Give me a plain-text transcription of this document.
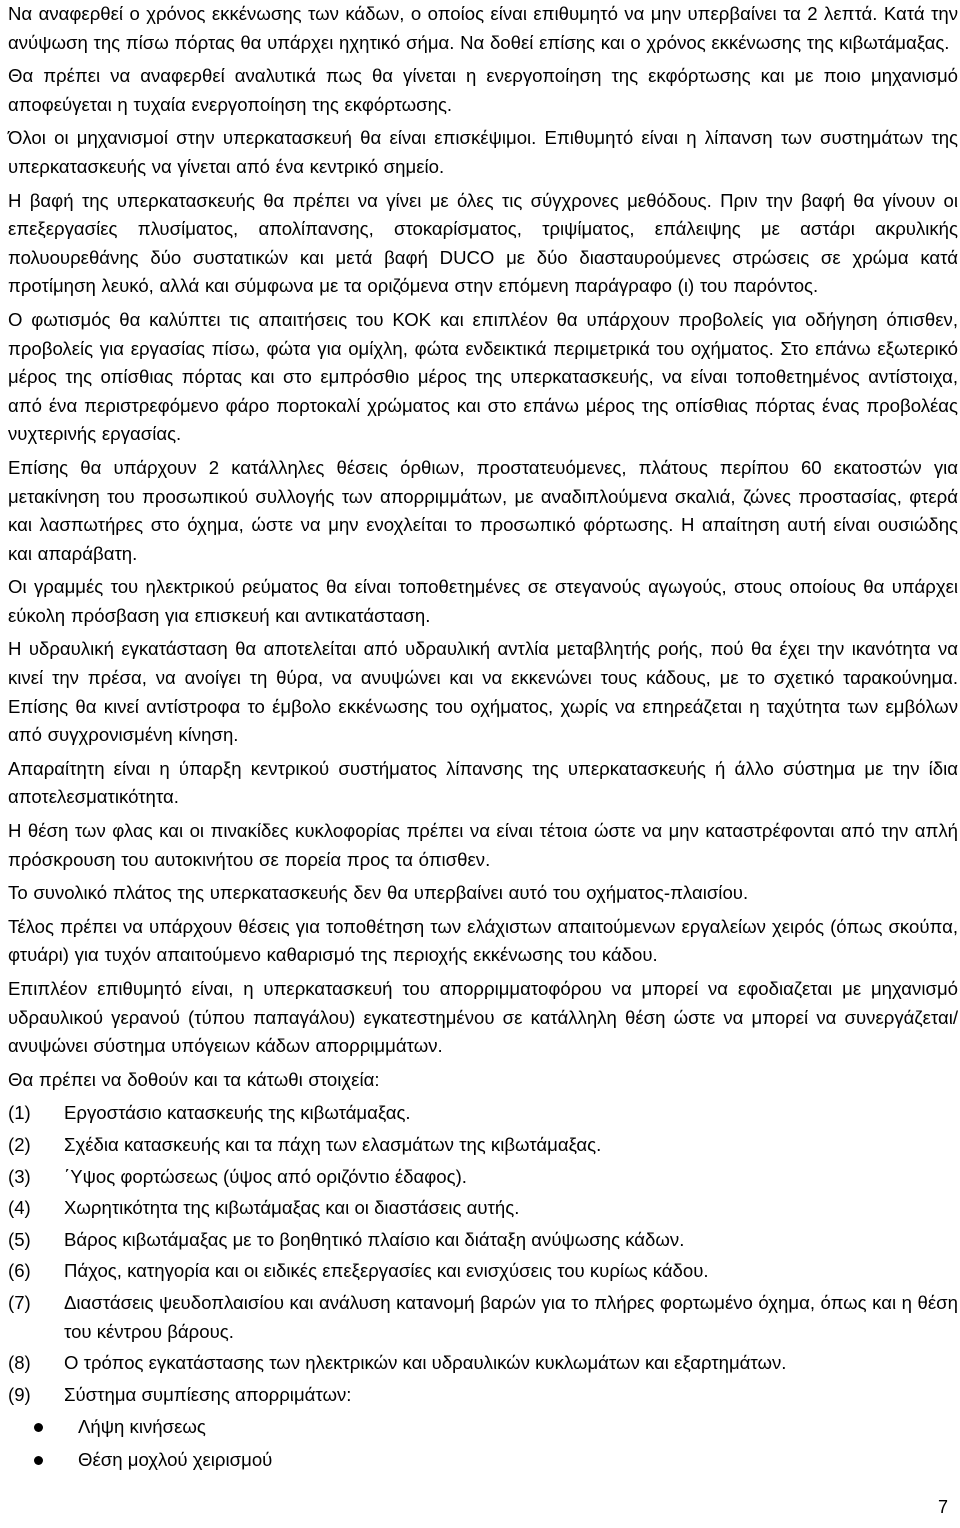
Να αναφερθεί ο χρόνος εκκένωσης των κάδων, ο οποίος είναι επιθυμητό να μην υπερβαίνει τα 2 λεπτά. Κατά την ανύψωση της πίσω πόρτας θα υπάρχει ηχητικό σήμα. Να δοθεί επίσης και ο χρόνος εκκένωσης της κιβωτάμαξας.

Θα πρέπει να αναφερθεί αναλυτικά πως θα γίνεται η ενεργοποίηση της εκφόρτωσης και με ποιο μηχανισμό αποφεύγεται η τυχαία ενεργοποίηση της εκφόρτωσης.

Όλοι οι μηχανισμοί στην υπερκατασκευή θα είναι επισκέψιμοι. Επιθυμητό είναι η λίπανση των συστημάτων της υπερκατασκευής να γίνεται από ένα κεντρικό σημείο.

Η βαφή της υπερκατασκευής θα πρέπει να γίνει με όλες τις σύγχρονες μεθόδους. Πριν την βαφή θα γίνουν οι επεξεργασίες πλυσίματος, απολίπανσης, στοκαρίσματος, τριψίματος, επάλειψης με αστάρι ακρυλικής πολυουρεθάνης δύο συστατικών και μετά βαφή DUCO με δύο διασταυρούμενες στρώσεις σε χρώμα κατά προτίμηση λευκό, αλλά και σύμφωνα με τα οριζόμενα στην επόμενη παράγραφο (ι) του παρόντος.

Ο φωτισμός θα καλύπτει τις απαιτήσεις του ΚΟΚ και επιπλέον θα υπάρχουν προβολείς για οδήγηση όπισθεν, προβολείς για εργασίας πίσω, φώτα για ομίχλη, φώτα ενδεικτικά περιμετρικά του οχήματος. Στο επάνω εξωτερικό μέρος της οπίσθιας πόρτας και στο εμπρόσθιο μέρος της υπερκατασκευής, να είναι τοποθετημένος αντίστοιχα, από ένα περιστρεφόμενο φάρο πορτοκαλί χρώματος και στο επάνω μέρος της οπίσθιας πόρτας ένας προβολέας νυχτερινής εργασίας.

Επίσης θα υπάρχουν 2 κατάλληλες θέσεις όρθιων, προστατευόμενες, πλάτους περίπου 60 εκατοστών για μετακίνηση του προσωπικού συλλογής των απορριμμάτων, με αναδιπλούμενα σκαλιά, ζώνες προστασίας, φτερά και λασπωτήρες στο όχημα, ώστε να μην ενοχλείται το προσωπικό φόρτωσης. Η απαίτηση αυτή είναι ουσιώδης και απαράβατη.

Οι γραμμές του ηλεκτρικού ρεύματος θα είναι τοποθετημένες σε στεγανούς αγωγούς, στους οποίους θα υπάρχει εύκολη πρόσβαση για επισκευή και αντικατάσταση.

Η υδραυλική εγκατάσταση θα αποτελείται από υδραυλική αντλία μεταβλητής ροής, πού θα έχει την ικανότητα να κινεί την πρέσα, να ανοίγει τη θύρα, να ανυψώνει και να εκκενώνει τους κάδους, με το σχετικό ταρακούνημα. Επίσης θα κινεί αντίστροφα το έμβολο εκκένωσης του οχήματος, χωρίς να επηρεάζεται η ταχύτητα των εμβόλων από συγχρονισμένη κίνηση.

Απαραίτητη είναι η ύπαρξη κεντρικού συστήματος λίπανσης της υπερκατασκευής ή άλλο σύστημα με την ίδια αποτελεσματικότητα.

Η θέση των φλας και οι πινακίδες κυκλοφορίας πρέπει να είναι τέτοια ώστε να μην καταστρέφονται από την απλή πρόσκρουση του αυτοκινήτου σε πορεία προς τα όπισθεν.

Το συνολικό πλάτος της υπερκατασκευής δεν θα υπερβαίνει αυτό του οχήματος-πλαισίου.

Τέλος πρέπει να υπάρχουν θέσεις για τοποθέτηση των ελάχιστων απαιτούμενων εργαλείων χειρός (όπως σκούπα, φτυάρι) για τυχόν απαιτούμενο καθαρισμό της περιοχής εκκένωσης του κάδου.

Επιπλέον επιθυμητό είναι, η υπερκατασκευή του απορριμματοφόρου να μπορεί να εφοδιαζεται με μηχανισμό υδραυλικού γερανού (τύπου παπαγάλου) εγκατεστημένου σε κατάλληλη θέση ώστε να μπορεί να συνεργάζεται/ανυψώνει σύστημα υπόγειων κάδων απορριμμάτων.

Θα πρέπει να δοθούν και τα κάτωθι στοιχεία:

(1) Εργοστάσιο κατασκευής της κιβωτάμαξας.
(2) Σχέδια κατασκευής και τα πάχη των ελασμάτων της κιβωτάμαξας.
(3) ΄Υψος φορτώσεως (ύψος από οριζόντιο έδαφος).
(4) Χωρητικότητα της κιβωτάμαξας και οι διαστάσεις αυτής.
(5) Βάρος κιβωτάμαξας με το βοηθητικό πλαίσιο και διάταξη ανύψωσης κάδων.
(6) Πάχος, κατηγορία και οι ειδικές επεξεργασίες και ενισχύσεις του κυρίως κάδου.
(7) Διαστάσεις ψευδοπλαισίου και ανάλυση κατανομή βαρών για το πλήρες φορτωμένο όχημα, όπως και η θέση του κέντρου βάρους.
(8) Ο τρόπος εγκατάστασης των ηλεκτρικών και υδραυλικών κυκλωμάτων και εξαρτημάτων.
(9) Σύστημα συμπίεσης απορριμάτων:
Λήψη κινήσεως
Θέση μοχλού χειρισμού
7
